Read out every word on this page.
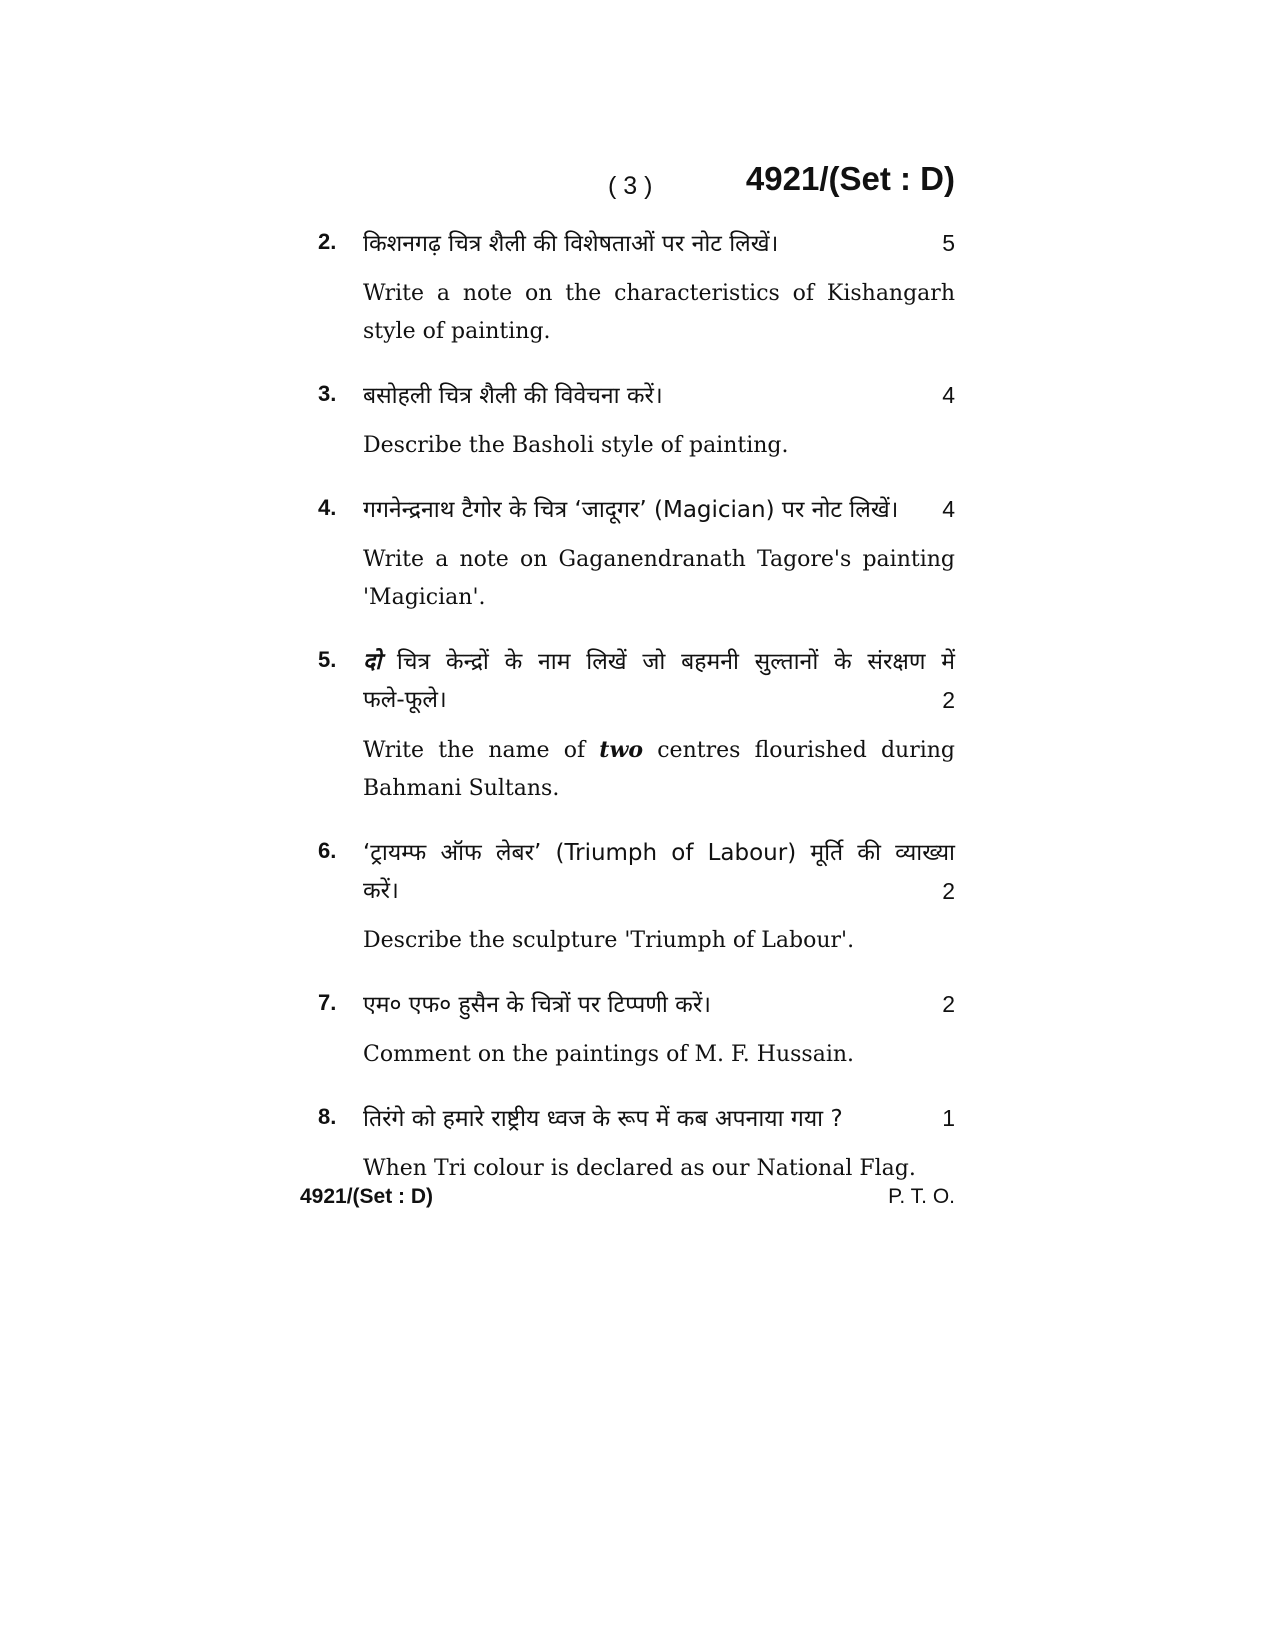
( 3 )	4921/(Set : D)
2. किशनगढ़ चित्र शैली की विशेषताओं पर नोट लिखें।	5
Write a note on the characteristics of Kishangarh style of painting.
3. बसोहली चित्र शैली की विवेचना करें।	4
Describe the Basholi style of painting.
4. गगनेन्द्रनाथ टैगोर के चित्र ‘जादूगर’ (Magician) पर नोट लिखें। 4
Write a note on Gaganendranath Tagore's painting 'Magician'.
5. दो चित्र केन्द्रों के नाम लिखें जो बहमनी सुल्तानों के संरक्षण में
फले-फूले।	2
Write the name of two centres flourished during Bahmani Sultans.
6. ‘ट्रायम्फ ऑफ लेबर’ (Triumph of Labour) मूर्ति की व्याख्या
करें।	2
Describe the sculpture 'Triumph of Labour'.
7. एम० एफ० हुसैन के चित्रों पर टिप्पणी करें।	2
Comment on the paintings of M. F. Hussain.
8. तिरंगे को हमारे राष्ट्रीय ध्वज के रूप में कब अपनाया गया ?	1
When Tri colour is declared as our National Flag.
4921/(Set : D)	P. T. O.
